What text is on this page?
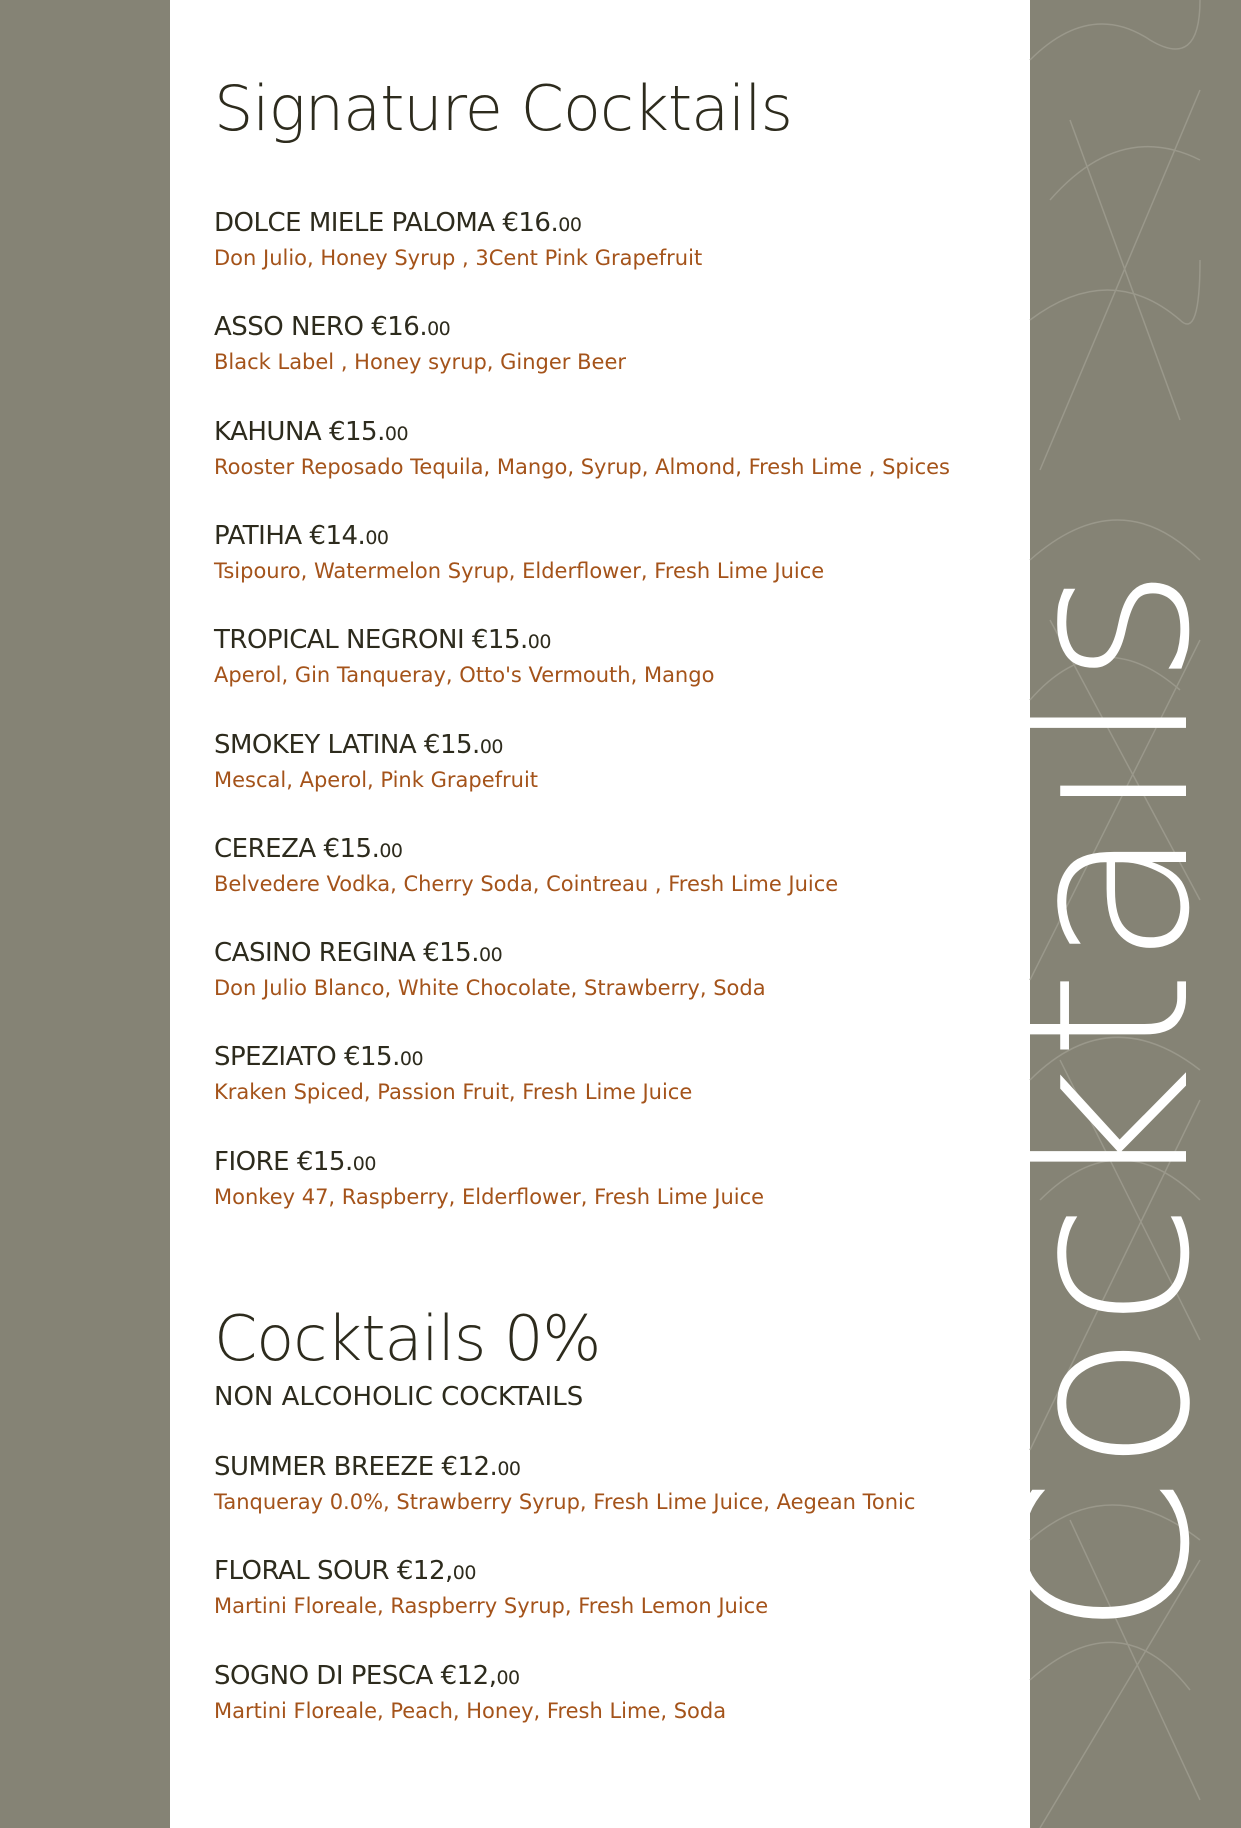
Cocktails
Signature Cocktails
DOLCE MIELE PALOMA €16.00
Don Julio, Honey Syrup , 3Cent Pink Grapefruit
ASSO NERO €16.00
Black Label , Honey syrup, Ginger Beer
KAHUNA €15.00
Rooster Reposado Tequila, Mango, Syrup, Almond, Fresh Lime , Spices
PATIHA €14.00
Tsipouro, Watermelon Syrup, Elderflower, Fresh Lime Juice
TROPICAL NEGRONI €15.00
Aperol, Gin Tanqueray, Otto's Vermouth, Mango
SMOKEY LATINA €15.00
Mescal, Aperol, Pink Grapefruit
CEREZA €15.00
Belvedere Vodka, Cherry Soda, Cointreau , Fresh Lime Juice
CASINO REGINA €15.00
Don Julio Blanco, White Chocolate, Strawberry, Soda
SPEZIATO €15.00
Kraken Spiced, Passion Fruit, Fresh Lime Juice
FIORE €15.00
Monkey 47, Raspberry, Elderflower, Fresh Lime Juice
Cocktails 0%
NON ALCOHOLIC COCKTAILS
SUMMER BREEZE €12.00
Tanqueray 0.0%, Strawberry Syrup, Fresh Lime Juice, Aegean Tonic
FLORAL SOUR €12,00
Martini Floreale, Raspberry Syrup, Fresh Lemon Juice
SOGNO DI PESCA €12,00
Martini Floreale, Peach, Honey, Fresh Lime, Soda
